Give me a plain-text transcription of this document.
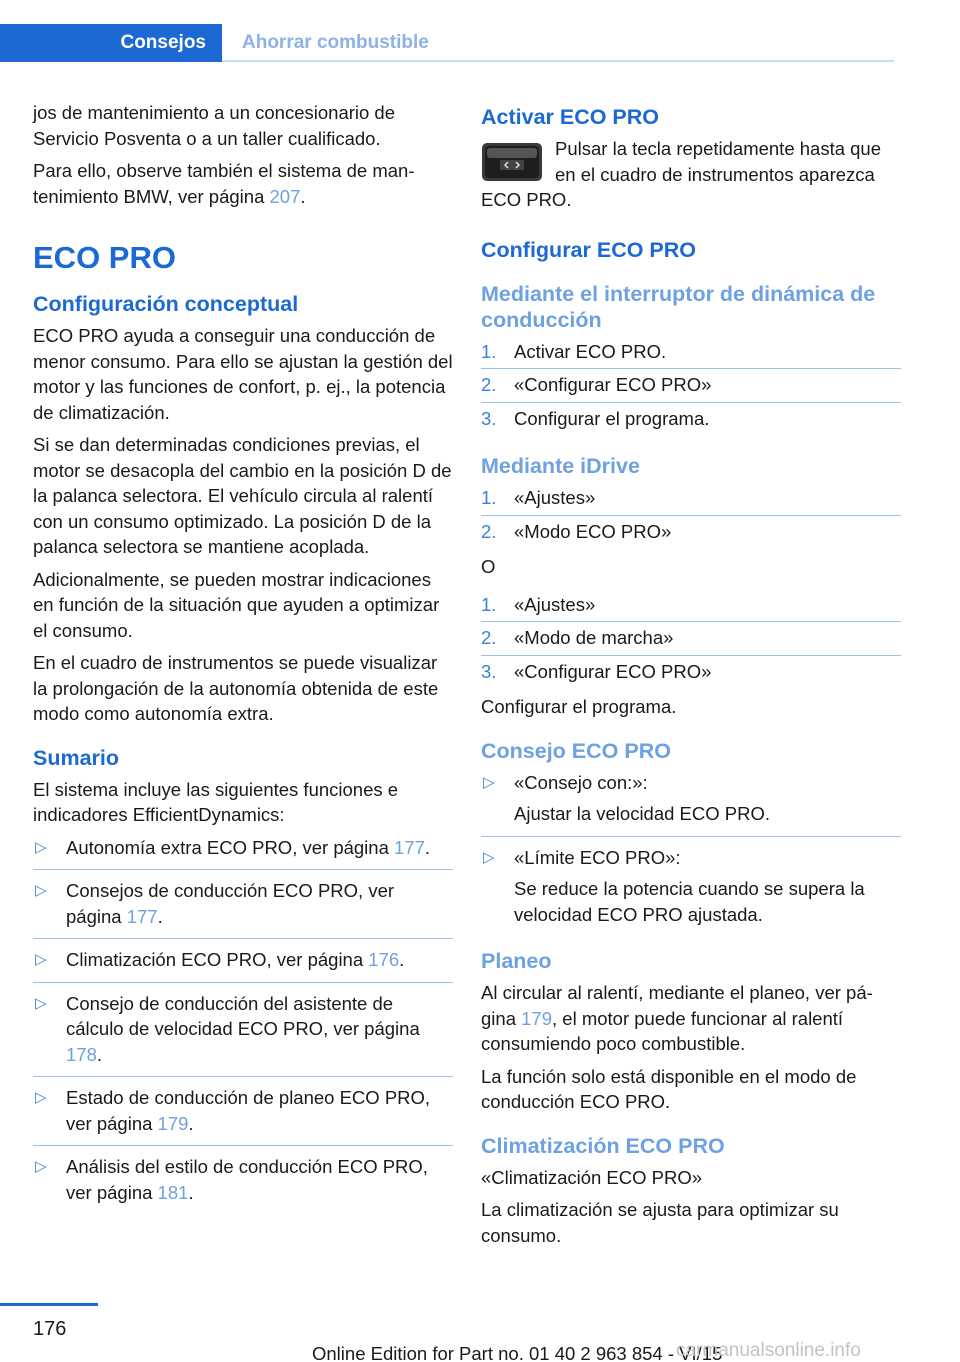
Consejos	Ahorrar combustible

jos de mantenimiento a un concesionario de Servicio Posventa o a un taller cualificado.

Para ello, observe también el sistema de mantenimiento BMW, ver página 207.

ECO PRO
Configuración conceptual

ECO PRO ayuda a conseguir una conducción de menor consumo. Para ello se ajustan la gestión del motor y las funciones de confort, p. ej., la potencia de climatización.

Si se dan determinadas condiciones previas, el motor se desacopla del cambio en la posición D de la palanca selectora. El vehículo circula al ralentí con un consumo optimizado. La posición D de la palanca selectora se mantiene acoplada.

Adicionalmente, se pueden mostrar indicaciones en función de la situación que ayuden a optimizar el consumo.

En el cuadro de instrumentos se puede visualizar la prolongación de la autonomía obtenida de este modo como autonomía extra.

Sumario

El sistema incluye las siguientes funciones e indicadores EfficientDynamics:

▷ Autonomía extra ECO PRO, ver página 177.
▷ Consejos de conducción ECO PRO, ver página 177.
▷ Climatización ECO PRO, ver página 176.
▷ Consejo de conducción del asistente de cálculo de velocidad ECO PRO, ver página 178.
▷ Estado de conducción de planeo ECO PRO, ver página 179.
▷ Análisis del estilo de conducción ECO PRO, ver página 181.
Activar ECO PRO

Pulsar la tecla repetidamente hasta que en el cuadro de instrumentos aparezca ECO PRO.

Configurar ECO PRO
Mediante el interruptor de dinámica de conducción
1. Activar ECO PRO.
2. «Configurar ECO PRO»
3. Configurar el programa.
Mediante iDrive
1. «Ajustes»
2. «Modo ECO PRO»

O

1. «Ajustes»
2. «Modo de marcha»
3. «Configurar ECO PRO»

Configurar el programa.

Consejo ECO PRO
▷ «Consejo con:»:
Ajustar la velocidad ECO PRO.
▷ «Límite ECO PRO»:
Se reduce la potencia cuando se supera la velocidad ECO PRO ajustada.
Planeo

Al circular al ralentí, mediante el planeo, ver página 179, el motor puede funcionar al ralentí consumiendo poco combustible.

La función solo está disponible en el modo de conducción ECO PRO.

Climatización ECO PRO

«Climatización ECO PRO»

La climatización se ajusta para optimizar su consumo.

176
Online Edition for Part no. 01 40 2 963 854 - VI/15
carmanualsonline.info
